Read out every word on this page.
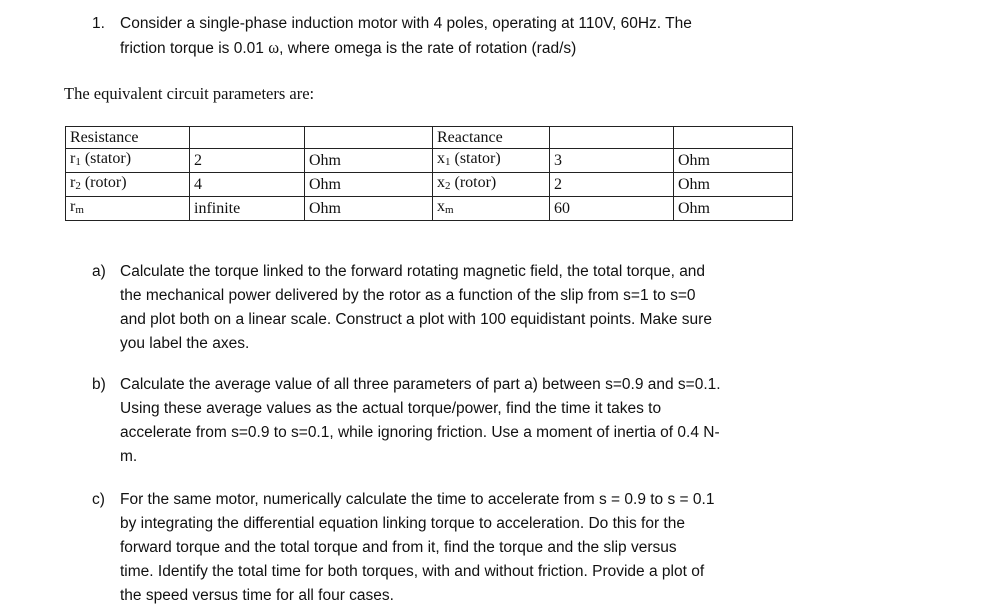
1. Consider a single-phase induction motor with 4 poles, operating at 110V, 60Hz. The
friction torque is 0.01 ω, where omega is the rate of rotation (rad/s)
The equivalent circuit parameters are:
Resistance			Reactance		
r1 (stator)	2	Ohm	x1 (stator)	3	Ohm
r2 (rotor)	4	Ohm	x2 (rotor)	2	Ohm
rm	infinite	Ohm	xm	60	Ohm
a) Calculate the torque linked to the forward rotating magnetic field, the total torque, and
the mechanical power delivered by the rotor as a function of the slip from s=1 to s=0
and plot both on a linear scale. Construct a plot with 100 equidistant points. Make sure
you label the axes.
b) Calculate the average value of all three parameters of part a) between s=0.9 and s=0.1.
Using these average values as the actual torque/power, find the time it takes to
accelerate from s=0.9 to s=0.1, while ignoring friction. Use a moment of inertia of 0.4 N-
m.
c) For the same motor, numerically calculate the time to accelerate from s = 0.9 to s = 0.1
by integrating the differential equation linking torque to acceleration. Do this for the
forward torque and the total torque and from it, find the torque and the slip versus
time. Identify the total time for both torques, with and without friction. Provide a plot of
the speed versus time for all four cases.
